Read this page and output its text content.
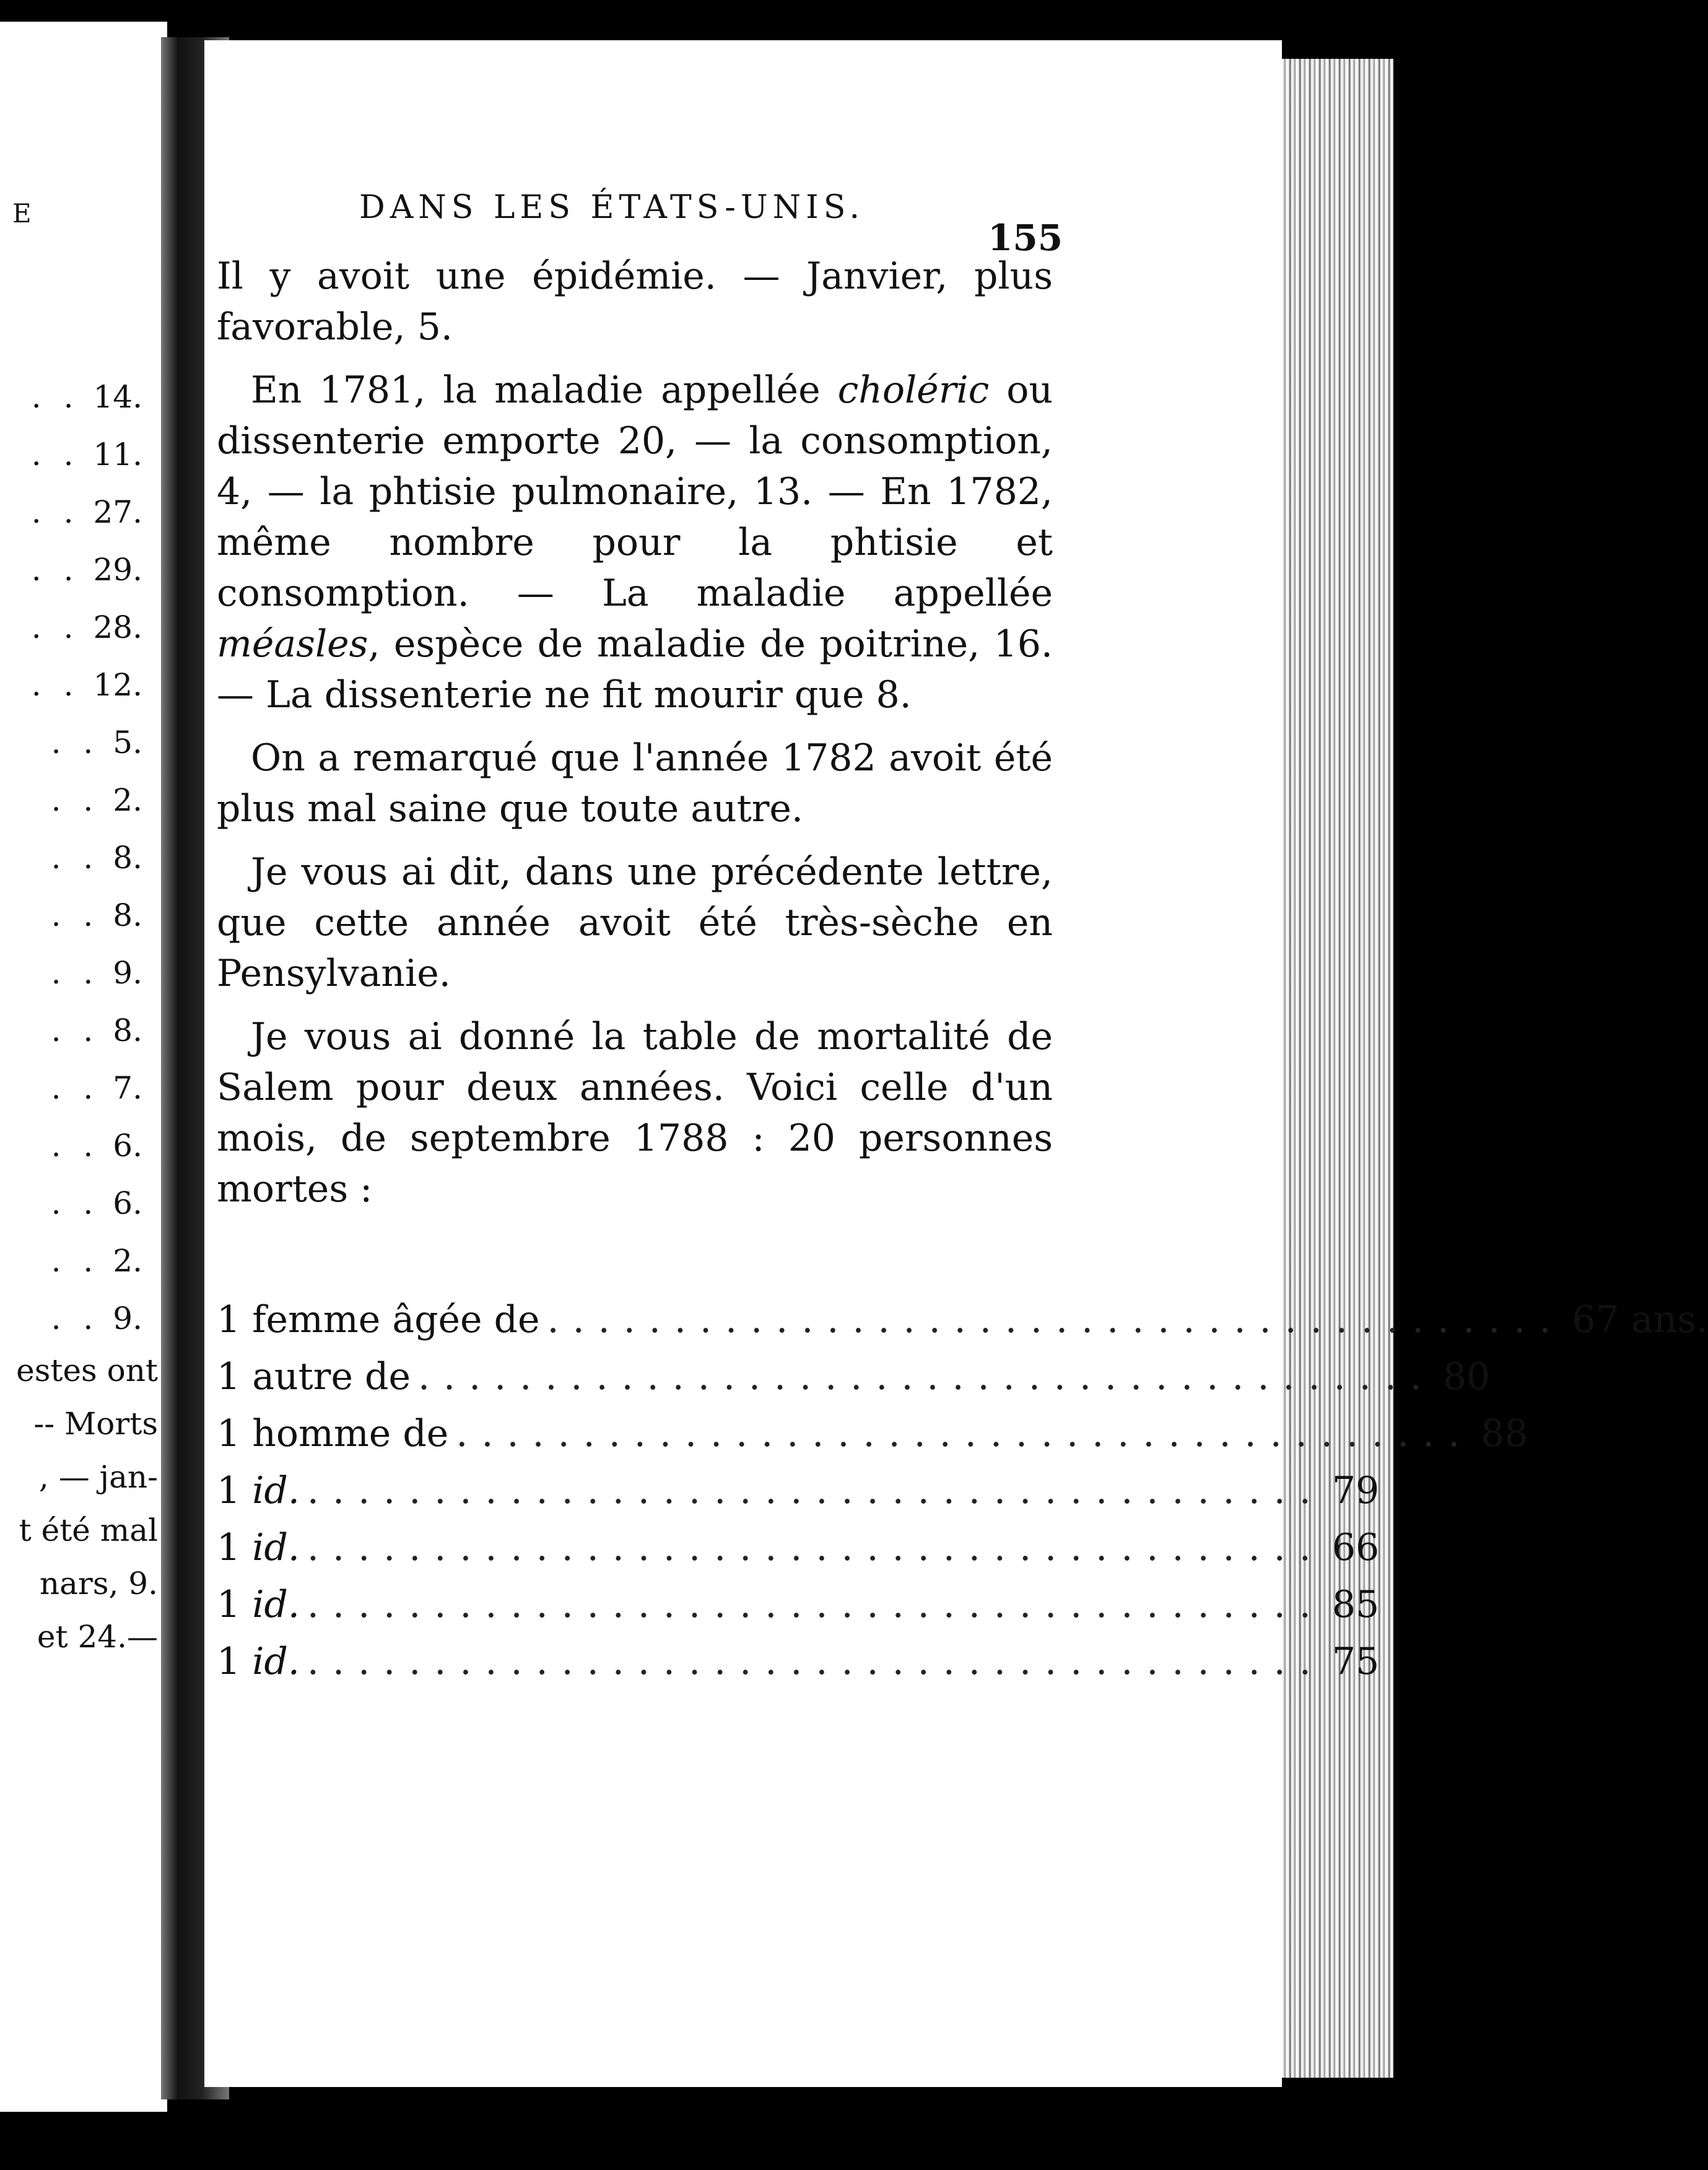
E
. . 14.
. . 11.
. . 27.
. . 29.
. . 28.
. . 12.
. . 5.
. . 2.
. . 8.
. . 8.
. . 9.
. . 8.
. . 7.
. . 6.
. . 6.
. . 2.
. . 9.
estes ont
-- Morts
, — jan-
t été mal
nars, 9.
et 24.—
DANS LES ÉTATS-UNIS.
155

Il y avoit une épidémie. — Janvier, plus favorable, 5.

En 1781, la maladie appellée choléric ou dissenterie emporte 20, — la consomption, 4, — la phtisie pulmonaire, 13. — En 1782, même nombre pour la phtisie et consomption. — La maladie appellée méasles, espèce de maladie de poitrine, 16. — La dissenterie ne fit mourir que 8.

On a remarqué que l'année 1782 avoit été plus mal saine que toute autre.

Je vous ai dit, dans une précédente lettre, que cette année avoit été très-sèche en Pensylvanie.

Je vous ai donné la table de mortalité de Salem pour deux années. Voici celle d'un mois, de septembre 1788 : 20 personnes mortes :

1 femme âgée de ........................................ 67 ans.
1 autre de ........................................ 80
1 homme de ........................................ 88
1 id. ........................................ 79
1 id. ........................................ 66
1 id. ........................................ 85
1 id. ........................................ 75
